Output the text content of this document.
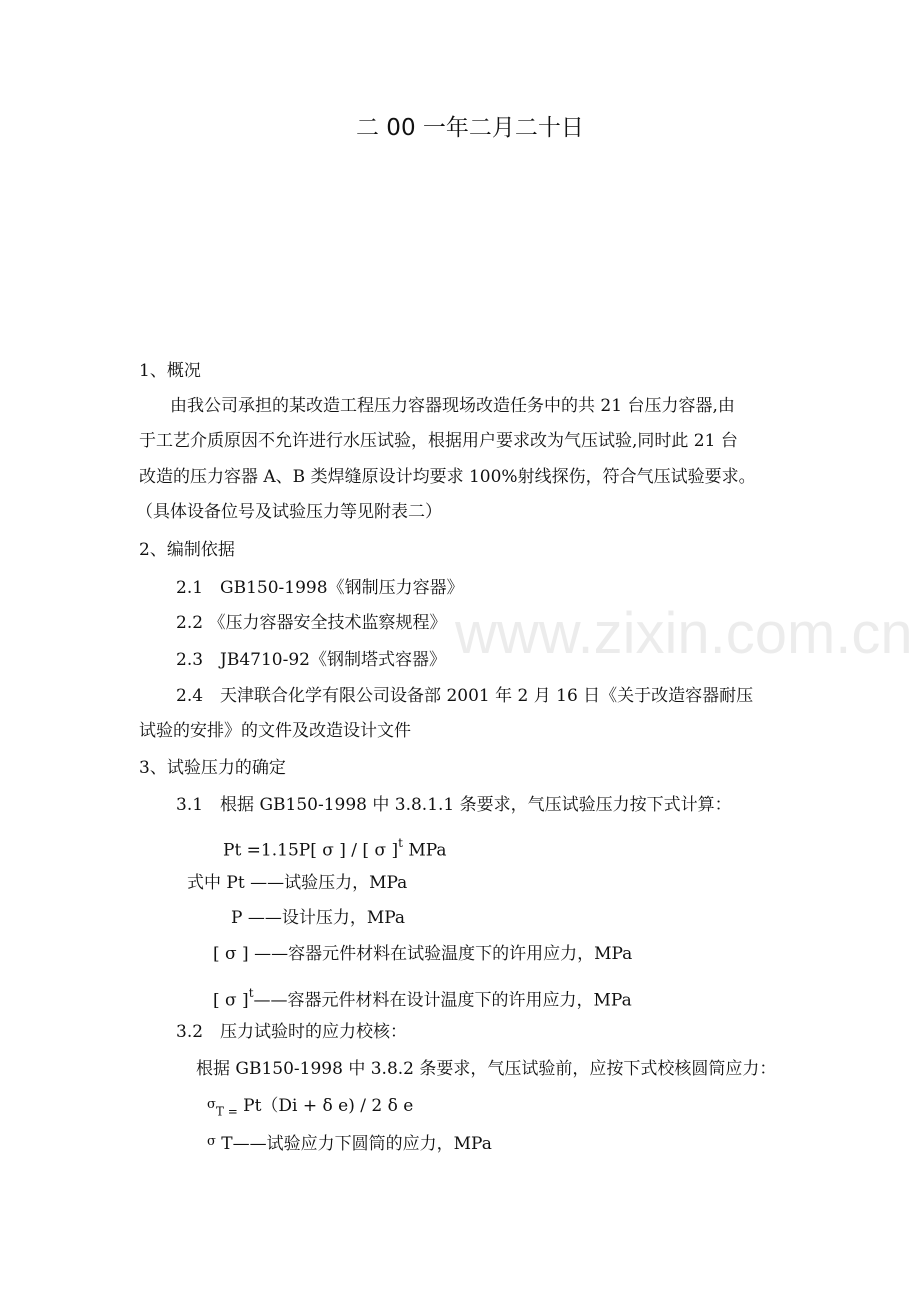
www.zixin.com.cn
二 00 一年二月二十日
1、概况
由我公司承担的某改造工程压力容器现场改造任务中的共 21 台压力容器,由
于工艺介质原因不允许进行水压试验，根据用户要求改为气压试验,同时此 21 台
改造的压力容器 A、B 类焊缝原设计均要求 100%射线探伤，符合气压试验要求。
（具体设备位号及试验压力等见附表二）
2、编制依据
2.1　GB150-1998《钢制压力容器》
2.2 《压力容器安全技术监察规程》
2.3　JB4710-92《钢制塔式容器》
2.4　天津联合化学有限公司设备部 2001 年 2 月 16 日《关于改造容器耐压
试验的安排》的文件及改造设计文件
3、试验压力的确定
3.1　根据 GB150-1998 中 3.8.1.1 条要求，气压试验压力按下式计算：
Pt =1.15P[ σ ] / [ σ ]$^t$ MPa
式中 Pt ——试验压力，MPa
P ——设计压力，MPa
[ σ ] ——容器元件材料在试验温度下的许用应力，MPa
[ σ ]$^t$——容器元件材料在设计温度下的许用应力，MPa
3.2　压力试验时的应力校核：
根据 GB150-1998 中 3.8.2 条要求，气压试验前，应按下式校核圆筒应力：
$\sigma_{T =}$ Pt（Di + δ e) / 2 δ e
$^\sigma$ T——试验应力下圆筒的应力，MPa
